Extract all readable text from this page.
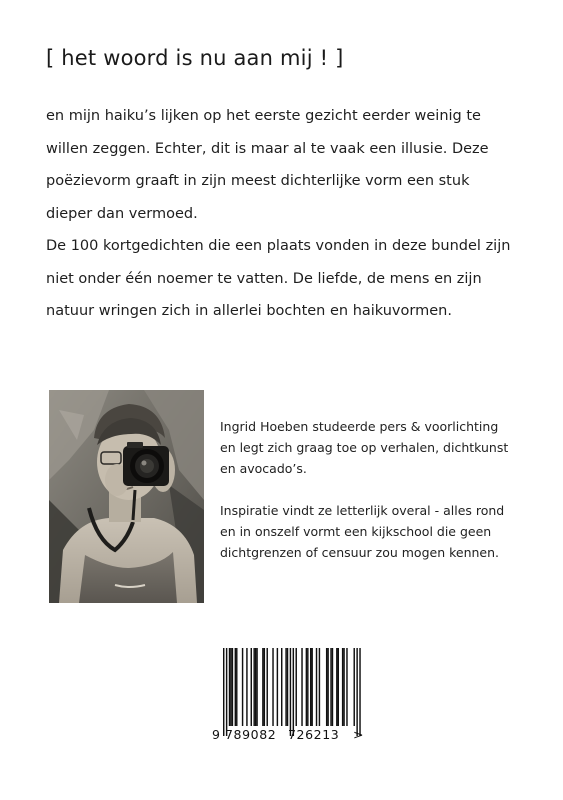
[ het woord is nu aan mij ! ]

en mijn haiku’s lijken op het eerste gezicht eerder weinig te

willen zeggen. Echter, dit is maar al te vaak een illusie. Deze

poëzievorm graaft in zijn meest dichterlijke vorm een stuk

dieper dan vermoed.

De 100 kortgedichten die een plaats vonden in deze bundel zijn

niet onder één noemer te vatten. De liefde, de mens en zijn

natuur wringen zich in allerlei bochten en haikuvormen.

Ingrid Hoeben studeerde pers & voorlichting

en legt zich graag toe op verhalen, dichtkunst

en avocado’s.

Inspiratie vindt ze letterlijk overal - alles rond

en in onszelf vormt een kijkschool die geen

dichtgrenzen of censuur zou mogen kennen.

9 789082 726213 >
